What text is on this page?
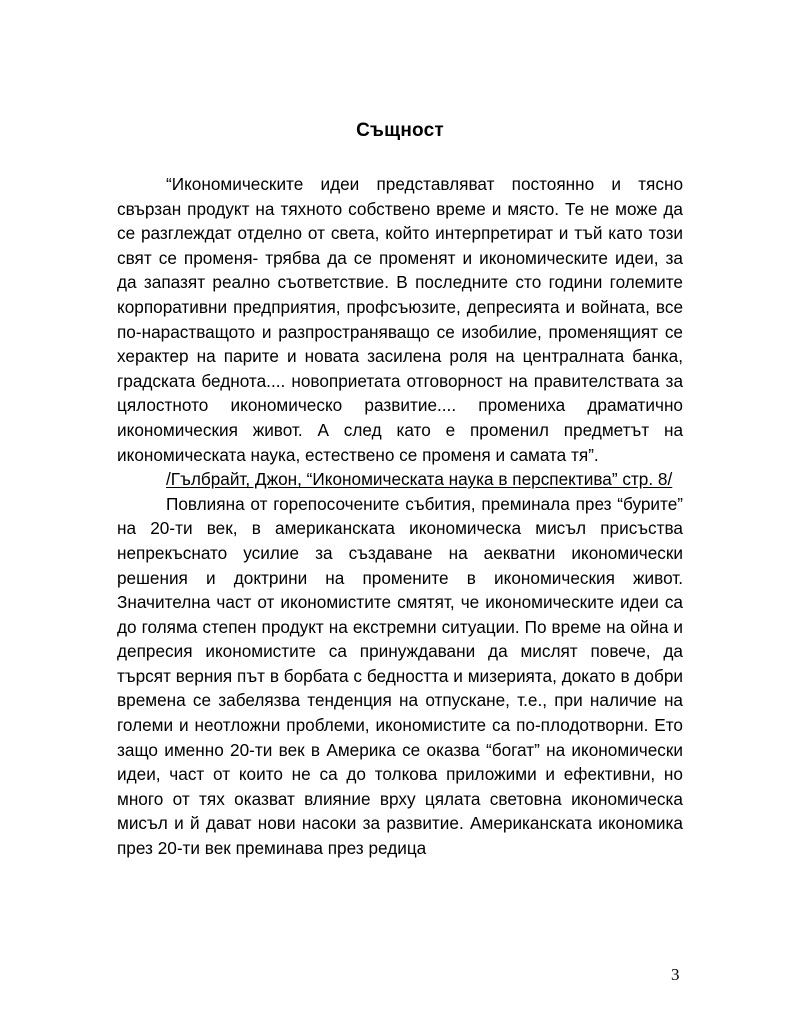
Същност

“Икономическите идеи представляват постоянно и тясно свързан продукт на тяхното собствено време и място. Те не може да се разглеждат отделно от света, който интерпретират и тъй като този свят се променя- трябва да се променят и икономическите идеи, за да запазят реално съответствие. В последните сто години големите корпоративни предприятия, профсъюзите, депресията и войната, все по-нарастващото и разпространяващо се изобилие, променящият се херактер на парите и новата засилена роля на централната банка, градската беднота.... новоприетата отговорност на правителствата за цялостното икономическо развитие.... промениха драматично икономическия живот. А след като е променил предметът на икономическата наука, естествено се променя и самата тя”.

/Гълбрайт, Джон, “Икономическата наука в перспектива” стр. 8/

Повлияна от горепосочените събития, преминала през “бурите” на 20-ти век, в американската икономическа мисъл присъства непрекъснато усилие за създаване на аекватни икономически решения и доктрини на промените в икономическия живот. Значителна част от икономистите смятят, че икономическите идеи са до голяма степен продукт на екстремни ситуации. По време на ойна и депресия икономистите са принуждавани да мислят повече, да търсят верния път в борбата с бедността и мизерията, докато в добри времена се забелязва тенденция на отпускане, т.е., при наличие на големи и неотложни проблеми, икономистите са по-плодотворни. Ето защо именно 20-ти век в Америка се оказва “богат” на икономически идеи, част от които не са до толкова приложими и ефективни, но много от тях оказват влияние врху цялата световна икономическа мисъл и й дават нови насоки за развитие. Американската икономика през 20-ти век преминава през редица

3
